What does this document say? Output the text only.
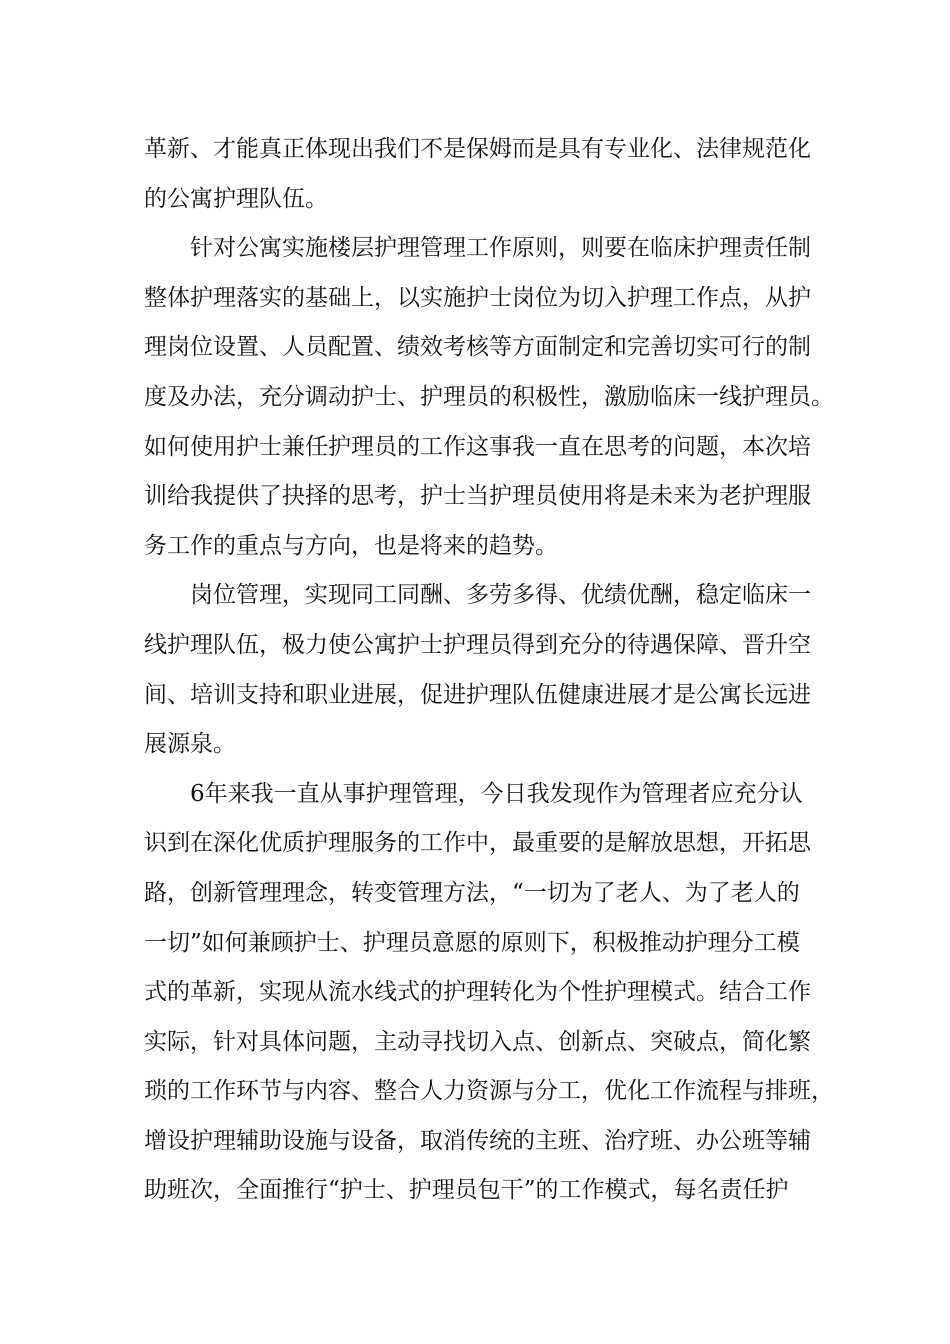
革新、才能真正体现出我们不是保姆而是具有专业化、法律规范化
的公寓护理队伍。
针对公寓实施楼层护理管理工作原则，则要在临床护理责任制
整体护理落实的基础上，以实施护士岗位为切入护理工作点，从护
理岗位设置、人员配置、绩效考核等方面制定和完善切实可行的制
度及办法，充分调动护士、护理员的积极性，激励临床一线护理员。
如何使用护士兼任护理员的工作这事我一直在思考的问题，本次培
训给我提供了抉择的思考，护士当护理员使用将是未来为老护理服
务工作的重点与方向，也是将来的趋势。
岗位管理，实现同工同酬、多劳多得、优绩优酬，稳定临床一
线护理队伍，极力使公寓护士护理员得到充分的待遇保障、晋升空
间、培训支持和职业进展，促进护理队伍健康进展才是公寓长远进
展源泉。
6年来我一直从事护理管理，今日我发现作为管理者应充分认
识到在深化优质护理服务的工作中，最重要的是解放思想，开拓思
路，创新管理理念，转变管理方法，“一切为了老人、为了老人的
一切”如何兼顾护士、护理员意愿的原则下，积极推动护理分工模
式的革新，实现从流水线式的护理转化为个性护理模式。结合工作
实际，针对具体问题，主动寻找切入点、创新点、突破点，简化繁
琐的工作环节与内容、整合人力资源与分工，优化工作流程与排班，
增设护理辅助设施与设备，取消传统的主班、治疗班、办公班等辅
助班次，全面推行“护士、护理员包干”的工作模式，每名责任护
